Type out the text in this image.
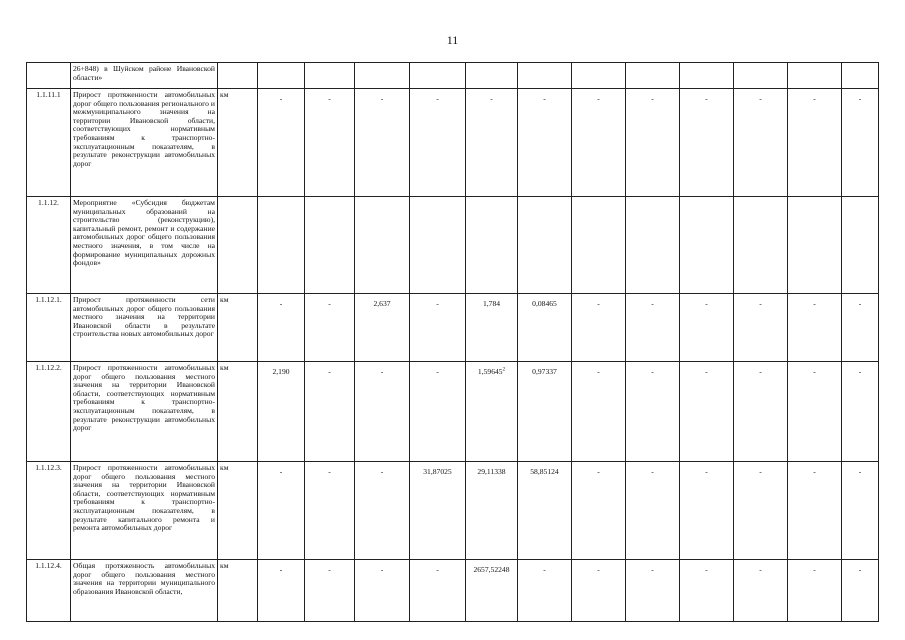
11
	26+848) в Шуйском районе Ивановской области»													
1.1.11.1	Прирост протяженности автомобильных дорог общего пользования регионального и межмуниципального значения на территории Ивановской области, соответствующих нормативным требованиям к транспортно-эксплуатационным показателям, в результате реконструкции автомобильных дорог	км	-	-	-	-	-	-	-	-	-	-	-	-
1.1.12.	Мероприятие «Субсидия бюджетам муниципальных образований на строительство (реконструкцию), капитальный ремонт, ремонт и содержание автомобильных дорог общего пользования местного значения, в том числе на формирование муниципальных дорожных фондов»													
1.1.12.1.	Прирост протяженности сети автомобильных дорог общего пользования местного значения на территории Ивановской области в результате строительства новых автомобильных дорог	км	-	-	2,637	-	1,784	0,08465	-	-	-	-	-	-
1.1.12.2.	Прирост протяженности автомобильных дорог общего пользования местного значения на территории Ивановской области, соответствующих нормативным требованиям к транспортно-эксплуатационным показателям, в результате реконструкции автомобильных дорог	км	2,190	-	-	-	1,59645$^2$	0,97337	-	-	-	-	-	-
1.1.12.3.	Прирост протяженности автомобильных дорог общего пользования местного значения на территории Ивановской области, соответствующих нормативным требованиям к транспортно-эксплуатационным показателям, в результате капитального ремонта и ремонта автомобильных дорог	км	-	-	-	31,87025	29,11338	58,85124	-	-	-	-	-	-
1.1.12.4.	Общая протяженность автомобильных дорог общего пользования местного значения на территории муниципального образования Ивановской области,	км	-	-	-	-	2657,52248	-	-	-	-	-	-	-
